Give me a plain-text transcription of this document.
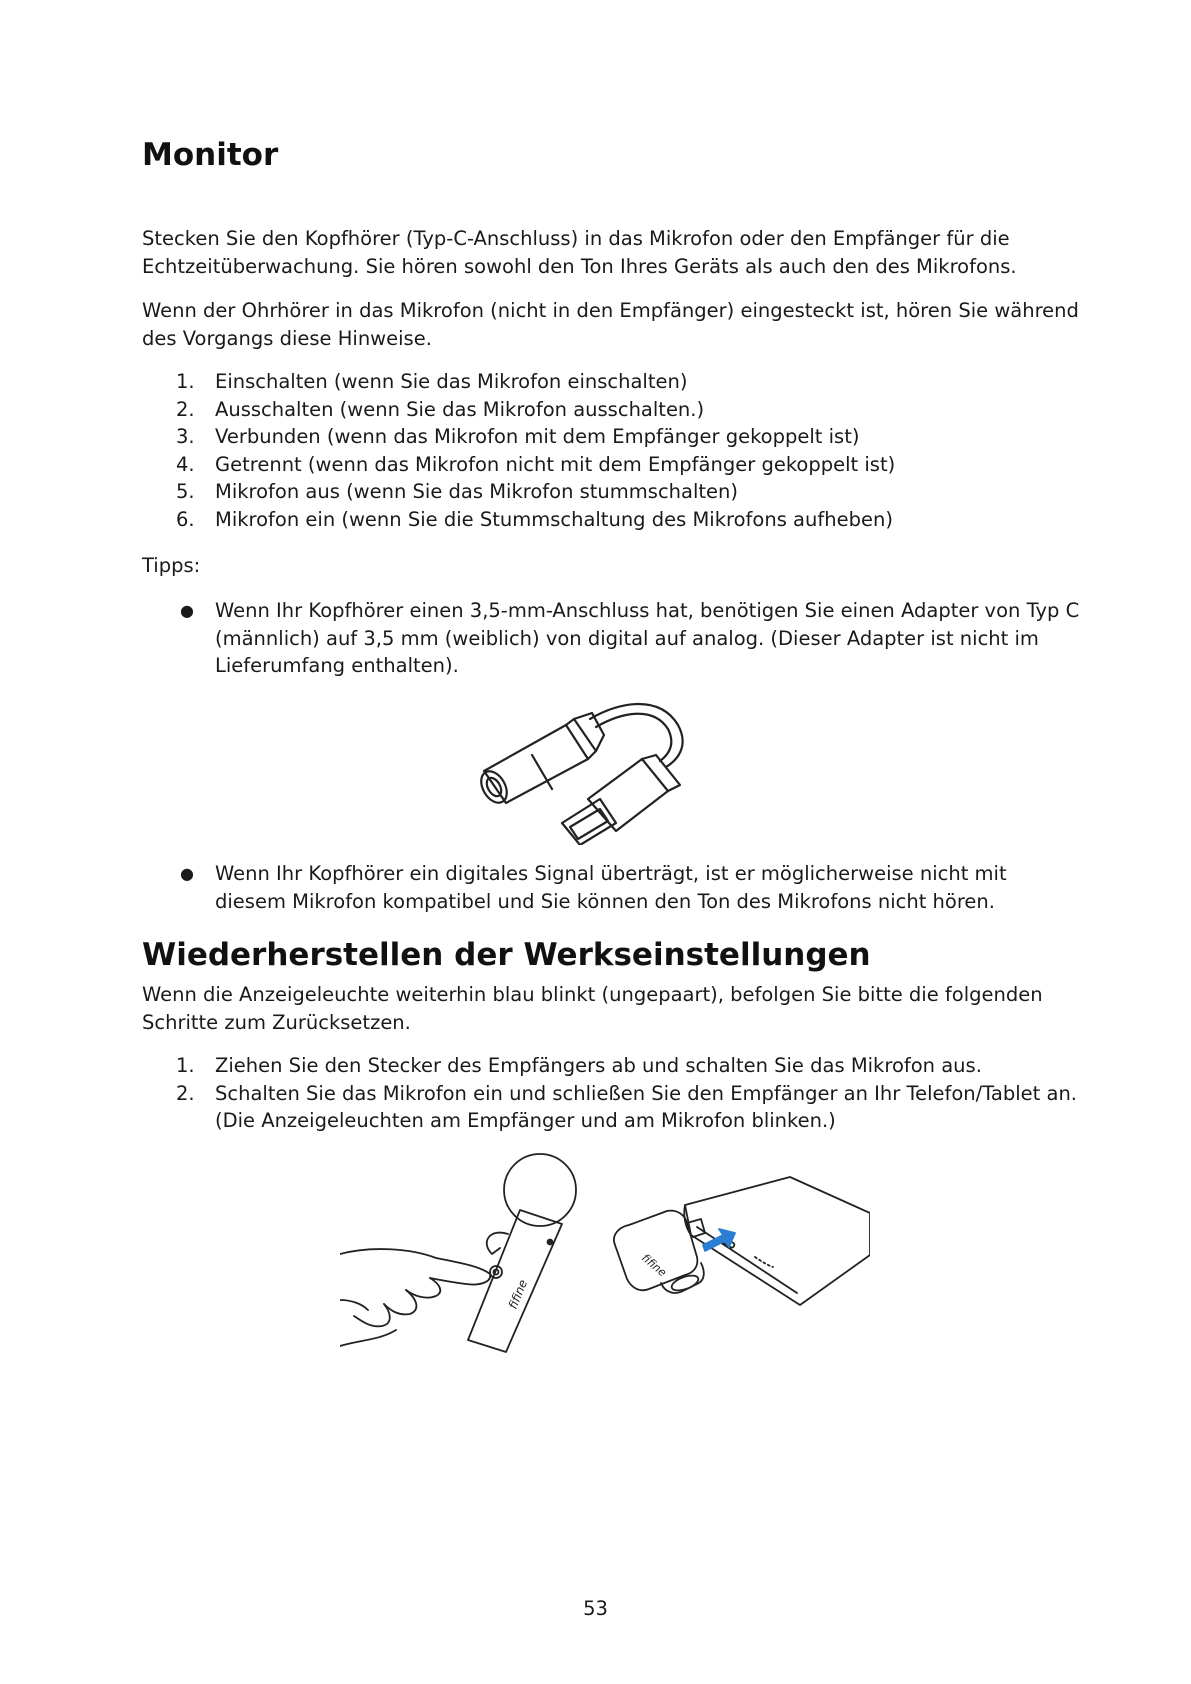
Monitor

Stecken Sie den Kopfhörer (Typ-C-Anschluss) in das Mikrofon oder den Empfänger für die Echtzeitüberwachung. Sie hören sowohl den Ton Ihres Geräts als auch den des Mikrofons.

Wenn der Ohrhörer in das Mikrofon (nicht in den Empfänger) eingesteckt ist, hören Sie während des Vorgangs diese Hinweise.

1. Einschalten (wenn Sie das Mikrofon einschalten)
2. Ausschalten (wenn Sie das Mikrofon ausschalten.)
3. Verbunden (wenn das Mikrofon mit dem Empfänger gekoppelt ist)
4. Getrennt (wenn das Mikrofon nicht mit dem Empfänger gekoppelt ist)
5. Mikrofon aus (wenn Sie das Mikrofon stummschalten)
6. Mikrofon ein (wenn Sie die Stummschaltung des Mikrofons aufheben)

Tipps:

● Wenn Ihr Kopfhörer einen 3,5-mm-Anschluss hat, benötigen Sie einen Adapter von Typ C (männlich) auf 3,5 mm (weiblich) von digital auf analog. (Dieser Adapter ist nicht im Lieferumfang enthalten).
● Wenn Ihr Kopfhörer ein digitales Signal überträgt, ist er möglicherweise nicht mit diesem Mikrofon kompatibel und Sie können den Ton des Mikrofons nicht hören.
Wiederherstellen der Werkseinstellungen

Wenn die Anzeigeleuchte weiterhin blau blinkt (ungepaart), befolgen Sie bitte die folgenden Schritte zum Zurücksetzen.

1. Ziehen Sie den Stecker des Empfängers ab und schalten Sie das Mikrofon aus.
2. Schalten Sie das Mikrofon ein und schließen Sie den Empfänger an Ihr Telefon/Tablet an. (Die Anzeigeleuchten am Empfänger und am Mikrofon blinken.)
fifine
fifine
53
